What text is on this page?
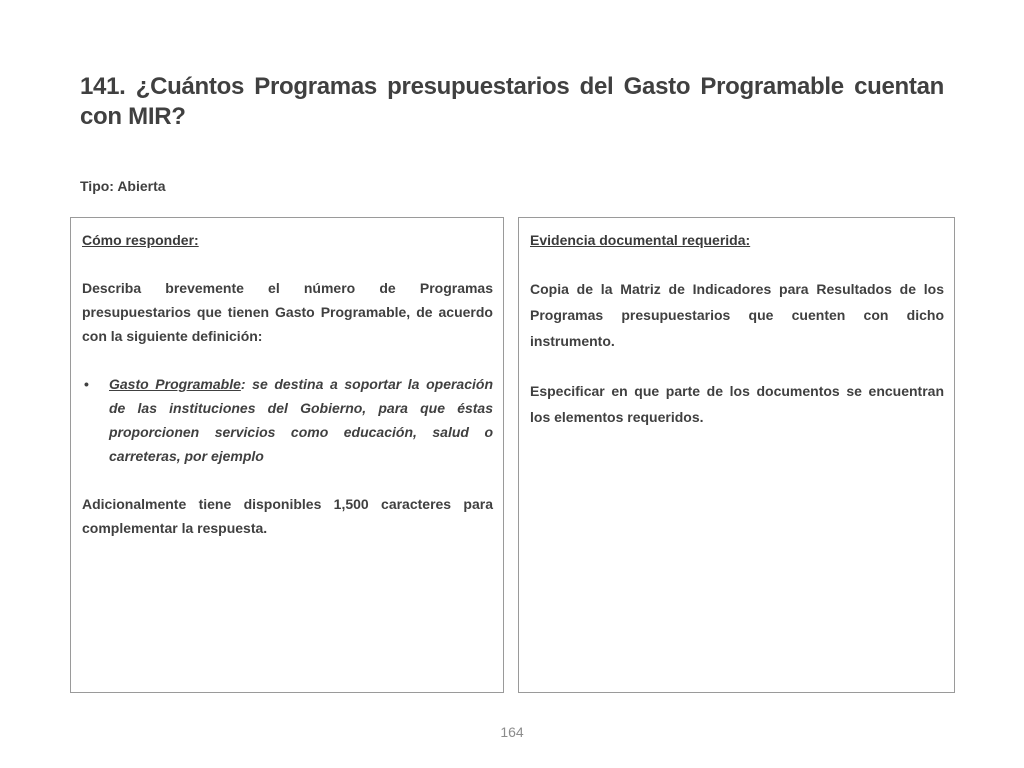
141. ¿Cuántos Programas presupuestarios del Gasto Programable cuentan con MIR?
Tipo: Abierta
Cómo responder:
Describa brevemente el número de Programas presupuestarios que tienen Gasto Programable, de acuerdo con la siguiente definición:
• Gasto Programable: se destina a soportar la operación de las instituciones del Gobierno, para que éstas proporcionen servicios como educación, salud o carreteras, por ejemplo
Adicionalmente tiene disponibles 1,500 caracteres para complementar la respuesta.
Evidencia documental requerida:
Copia de la Matriz de Indicadores para Resultados de los Programas presupuestarios que cuenten con dicho instrumento.
Especificar en que parte de los documentos se encuentran los elementos requeridos.
164
